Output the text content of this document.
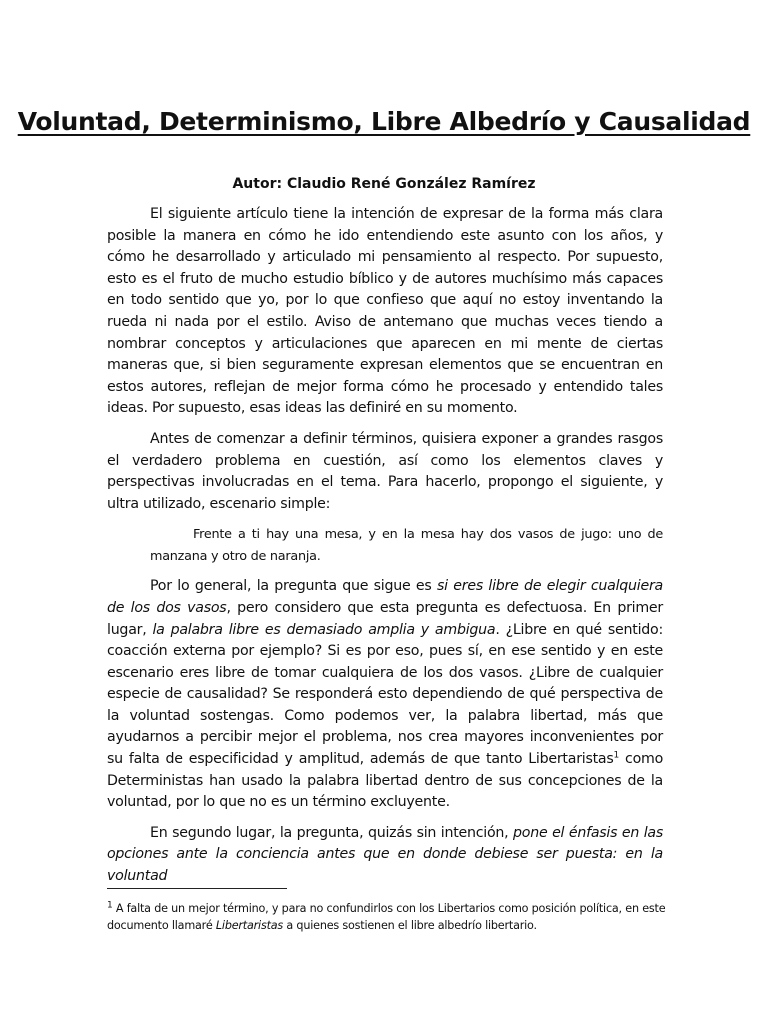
Voluntad, Determinismo, Libre Albedrío y Causalidad
Autor: Claudio René González Ramírez

El siguiente artículo tiene la intención de expresar de la forma más clara posible la manera en cómo he ido entendiendo este asunto con los años, y cómo he desarrollado y articulado mi pensamiento al respecto. Por supuesto, esto es el fruto de mucho estudio bíblico y de autores muchísimo más capaces en todo sentido que yo, por lo que confieso que aquí no estoy inventando la rueda ni nada por el estilo. Aviso de antemano que muchas veces tiendo a nombrar conceptos y articulaciones que aparecen en mi mente de ciertas maneras que, si bien seguramente expresan elementos que se encuentran en estos autores, reflejan de mejor forma cómo he procesado y entendido tales ideas. Por supuesto, esas ideas las definiré en su momento.

Antes de comenzar a definir términos, quisiera exponer a grandes rasgos el verdadero problema en cuestión, así como los elementos claves y perspectivas involucradas en el tema. Para hacerlo, propongo el siguiente, y ultra utilizado, escenario simple:

Frente a ti hay una mesa, y en la mesa hay dos vasos de jugo: uno de manzana y otro de naranja.

Por lo general, la pregunta que sigue es si eres libre de elegir cualquiera de los dos vasos, pero considero que esta pregunta es defectuosa. En primer lugar, la palabra libre es demasiado amplia y ambigua. ¿Libre en qué sentido: coacción externa por ejemplo? Si es por eso, pues sí, en ese sentido y en este escenario eres libre de tomar cualquiera de los dos vasos. ¿Libre de cualquier especie de causalidad? Se responderá esto dependiendo de qué perspectiva de la voluntad sostengas. Como podemos ver, la palabra libertad, más que ayudarnos a percibir mejor el problema, nos crea mayores inconvenientes por su falta de especificidad y amplitud, además de que tanto Libertaristas$^1$ como Deterministas han usado la palabra libertad dentro de sus concepciones de la voluntad, por lo que no es un término excluyente.

En segundo lugar, la pregunta, quizás sin intención, pone el énfasis en las opciones ante la conciencia antes que en donde debiese ser puesta: en la voluntad

$^1$ A falta de un mejor término, y para no confundirlos con los Libertarios como posición política, en este documento llamaré Libertaristas a quienes sostienen el libre albedrío libertario.
